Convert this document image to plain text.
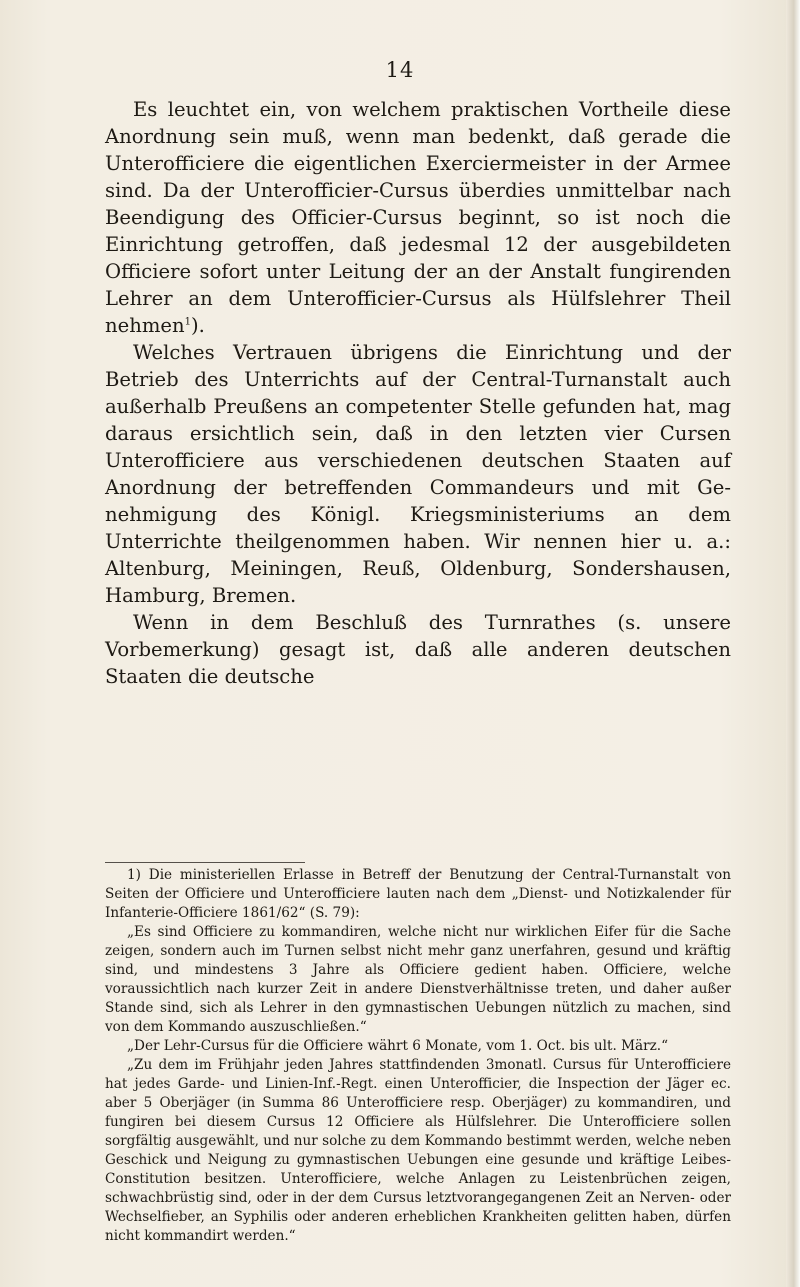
14

Es leuchtet ein, von welchem praktischen Vortheile diese Anordnung sein muß, wenn man bedenkt, daß gerade die Unterofficiere die eigentlichen Exerciermeister in der Armee sind. Da der Unterofficier-Cursus überdies unmittelbar nach Beendigung des Officier-Cursus beginnt, so ist noch die Einrichtung getroffen, daß jedesmal 12 der ausgebildeten Officiere sofort unter Leitung der an der Anstalt fungirenden Lehrer an dem Unterofficier-Cursus als Hülfslehrer Theil nehmen$^1$).

Welches Vertrauen übrigens die Einrichtung und der Betrieb des Unterrichts auf der Central-Turnanstalt auch außerhalb Preußens an competenter Stelle gefunden hat, mag daraus ersichtlich sein, daß in den letzten vier Cursen Unterofficiere aus verschiedenen deutschen Staaten auf Anordnung der betreffenden Commandeurs und mit Genehmigung des Königl. Kriegsministeriums an dem Unterrichte theilgenommen haben. Wir nennen hier u. a.: Altenburg, Meiningen, Reuß, Oldenburg, Sondershausen, Hamburg, Bremen.

Wenn in dem Beschluß des Turnrathes (s. unsere Vorbemerkung) gesagt ist, daß alle anderen deutschen Staaten die deutsche

1) Die ministeriellen Erlasse in Betreff der Benutzung der Central-Turnanstalt von Seiten der Officiere und Unterofficiere lauten nach dem „Dienst- und Notizkalender für Infanterie-Officiere 1861/62“ (S. 79):

„Es sind Officiere zu kommandiren, welche nicht nur wirklichen Eifer für die Sache zeigen, sondern auch im Turnen selbst nicht mehr ganz unerfahren, gesund und kräftig sind, und mindestens 3 Jahre als Officiere gedient haben. Officiere, welche voraussichtlich nach kurzer Zeit in andere Dienstverhältnisse treten, und daher außer Stande sind, sich als Lehrer in den gymnastischen Uebungen nützlich zu machen, sind von dem Kommando auszuschließen.“

„Der Lehr-Cursus für die Officiere währt 6 Monate, vom 1. Oct. bis ult. März.“

„Zu dem im Frühjahr jeden Jahres stattfindenden 3monatl. Cursus für Unterofficiere hat jedes Garde- und Linien-Inf.-Regt. einen Unterofficier, die Inspection der Jäger ec. aber 5 Oberjäger (in Summa 86 Unterofficiere resp. Oberjäger) zu kommandiren, und fungiren bei diesem Cursus 12 Officiere als Hülfslehrer. Die Unterofficiere sollen sorgfältig ausgewählt, und nur solche zu dem Kommando bestimmt werden, welche neben Geschick und Neigung zu gymnastischen Uebungen eine gesunde und kräftige Leibes-Constitution besitzen. Unterofficiere, welche Anlagen zu Leistenbrüchen zeigen, schwachbrüstig sind, oder in der dem Cursus letztvorangegangenen Zeit an Nerven- oder Wechselfieber, an Syphilis oder anderen erheblichen Krankheiten gelitten haben, dürfen nicht kommandirt werden.“
